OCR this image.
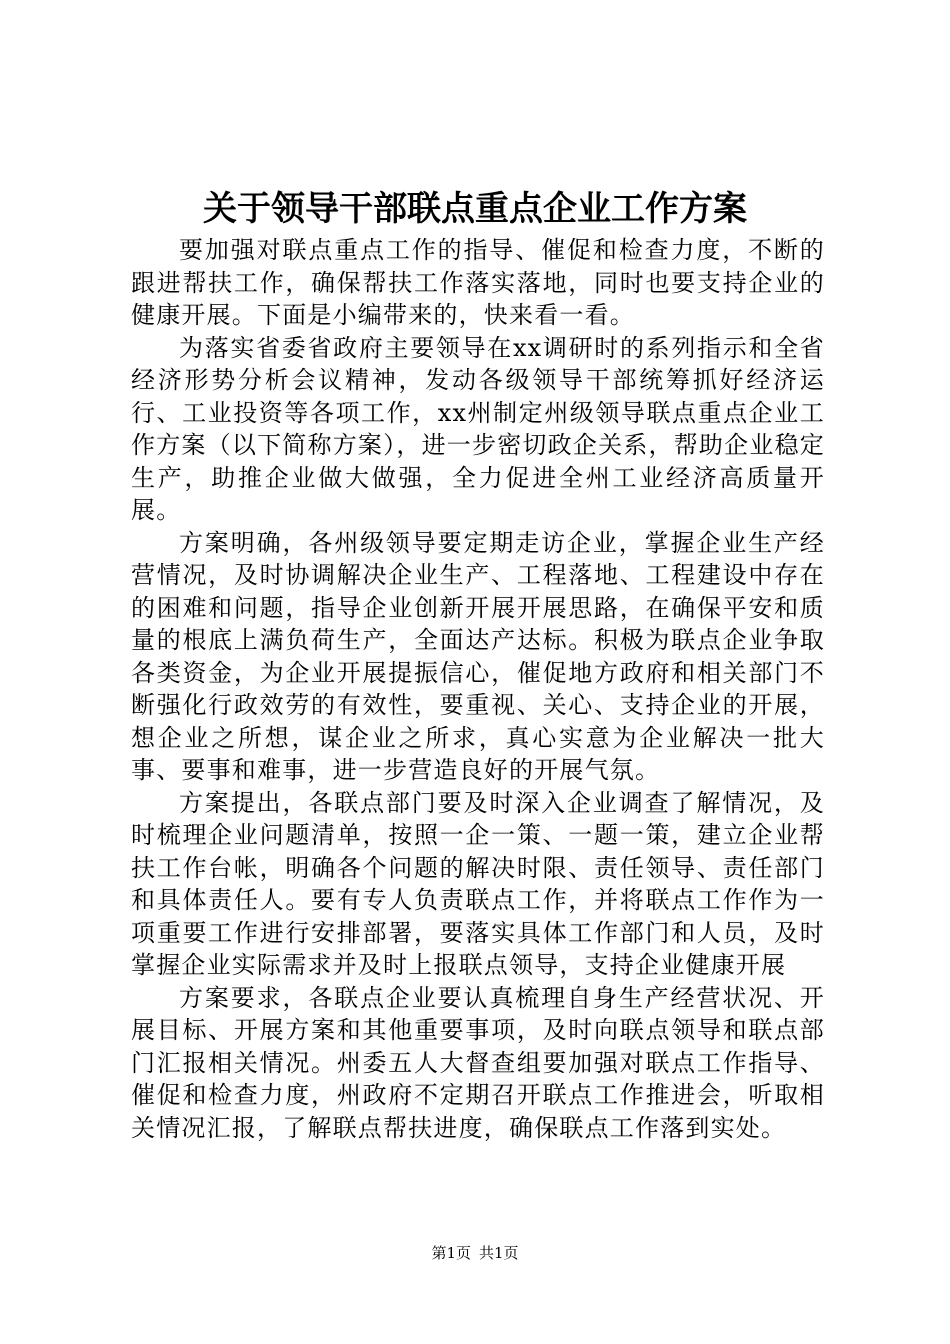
关于领导干部联点重点企业工作方案

要加强对联点重点工作的指导、催促和检查力度，不断的跟进帮扶工作，确保帮扶工作落实落地，同时也要支持企业的健康开展。下面是小编带来的，快来看一看。

为落实省委省政府主要领导在xx调研时的系列指示和全省经济形势分析会议精神，发动各级领导干部统筹抓好经济运行、工业投资等各项工作，xx州制定州级领导联点重点企业工作方案（以下简称方案），进一步密切政企关系，帮助企业稳定生产，助推企业做大做强，全力促进全州工业经济高质量开展。

方案明确，各州级领导要定期走访企业，掌握企业生产经营情况，及时协调解决企业生产、工程落地、工程建设中存在的困难和问题，指导企业创新开展开展思路，在确保平安和质量的根底上满负荷生产，全面达产达标。积极为联点企业争取各类资金，为企业开展提振信心，催促地方政府和相关部门不断强化行政效劳的有效性，要重视、关心、支持企业的开展，想企业之所想，谋企业之所求，真心实意为企业解决一批大事、要事和难事，进一步营造良好的开展气氛。

方案提出，各联点部门要及时深入企业调查了解情况，及时梳理企业问题清单，按照一企一策、一题一策，建立企业帮扶工作台帐，明确各个问题的解决时限、责任领导、责任部门和具体责任人。要有专人负责联点工作，并将联点工作作为一项重要工作进行安排部署，要落实具体工作部门和人员，及时掌握企业实际需求并及时上报联点领导，支持企业健康开展

方案要求，各联点企业要认真梳理自身生产经营状况、开展目标、开展方案和其他重要事项，及时向联点领导和联点部门汇报相关情况。州委五人大督查组要加强对联点工作指导、催促和检查力度，州政府不定期召开联点工作推进会，听取相关情况汇报，了解联点帮扶进度，确保联点工作落到实处。

第1页 共1页
